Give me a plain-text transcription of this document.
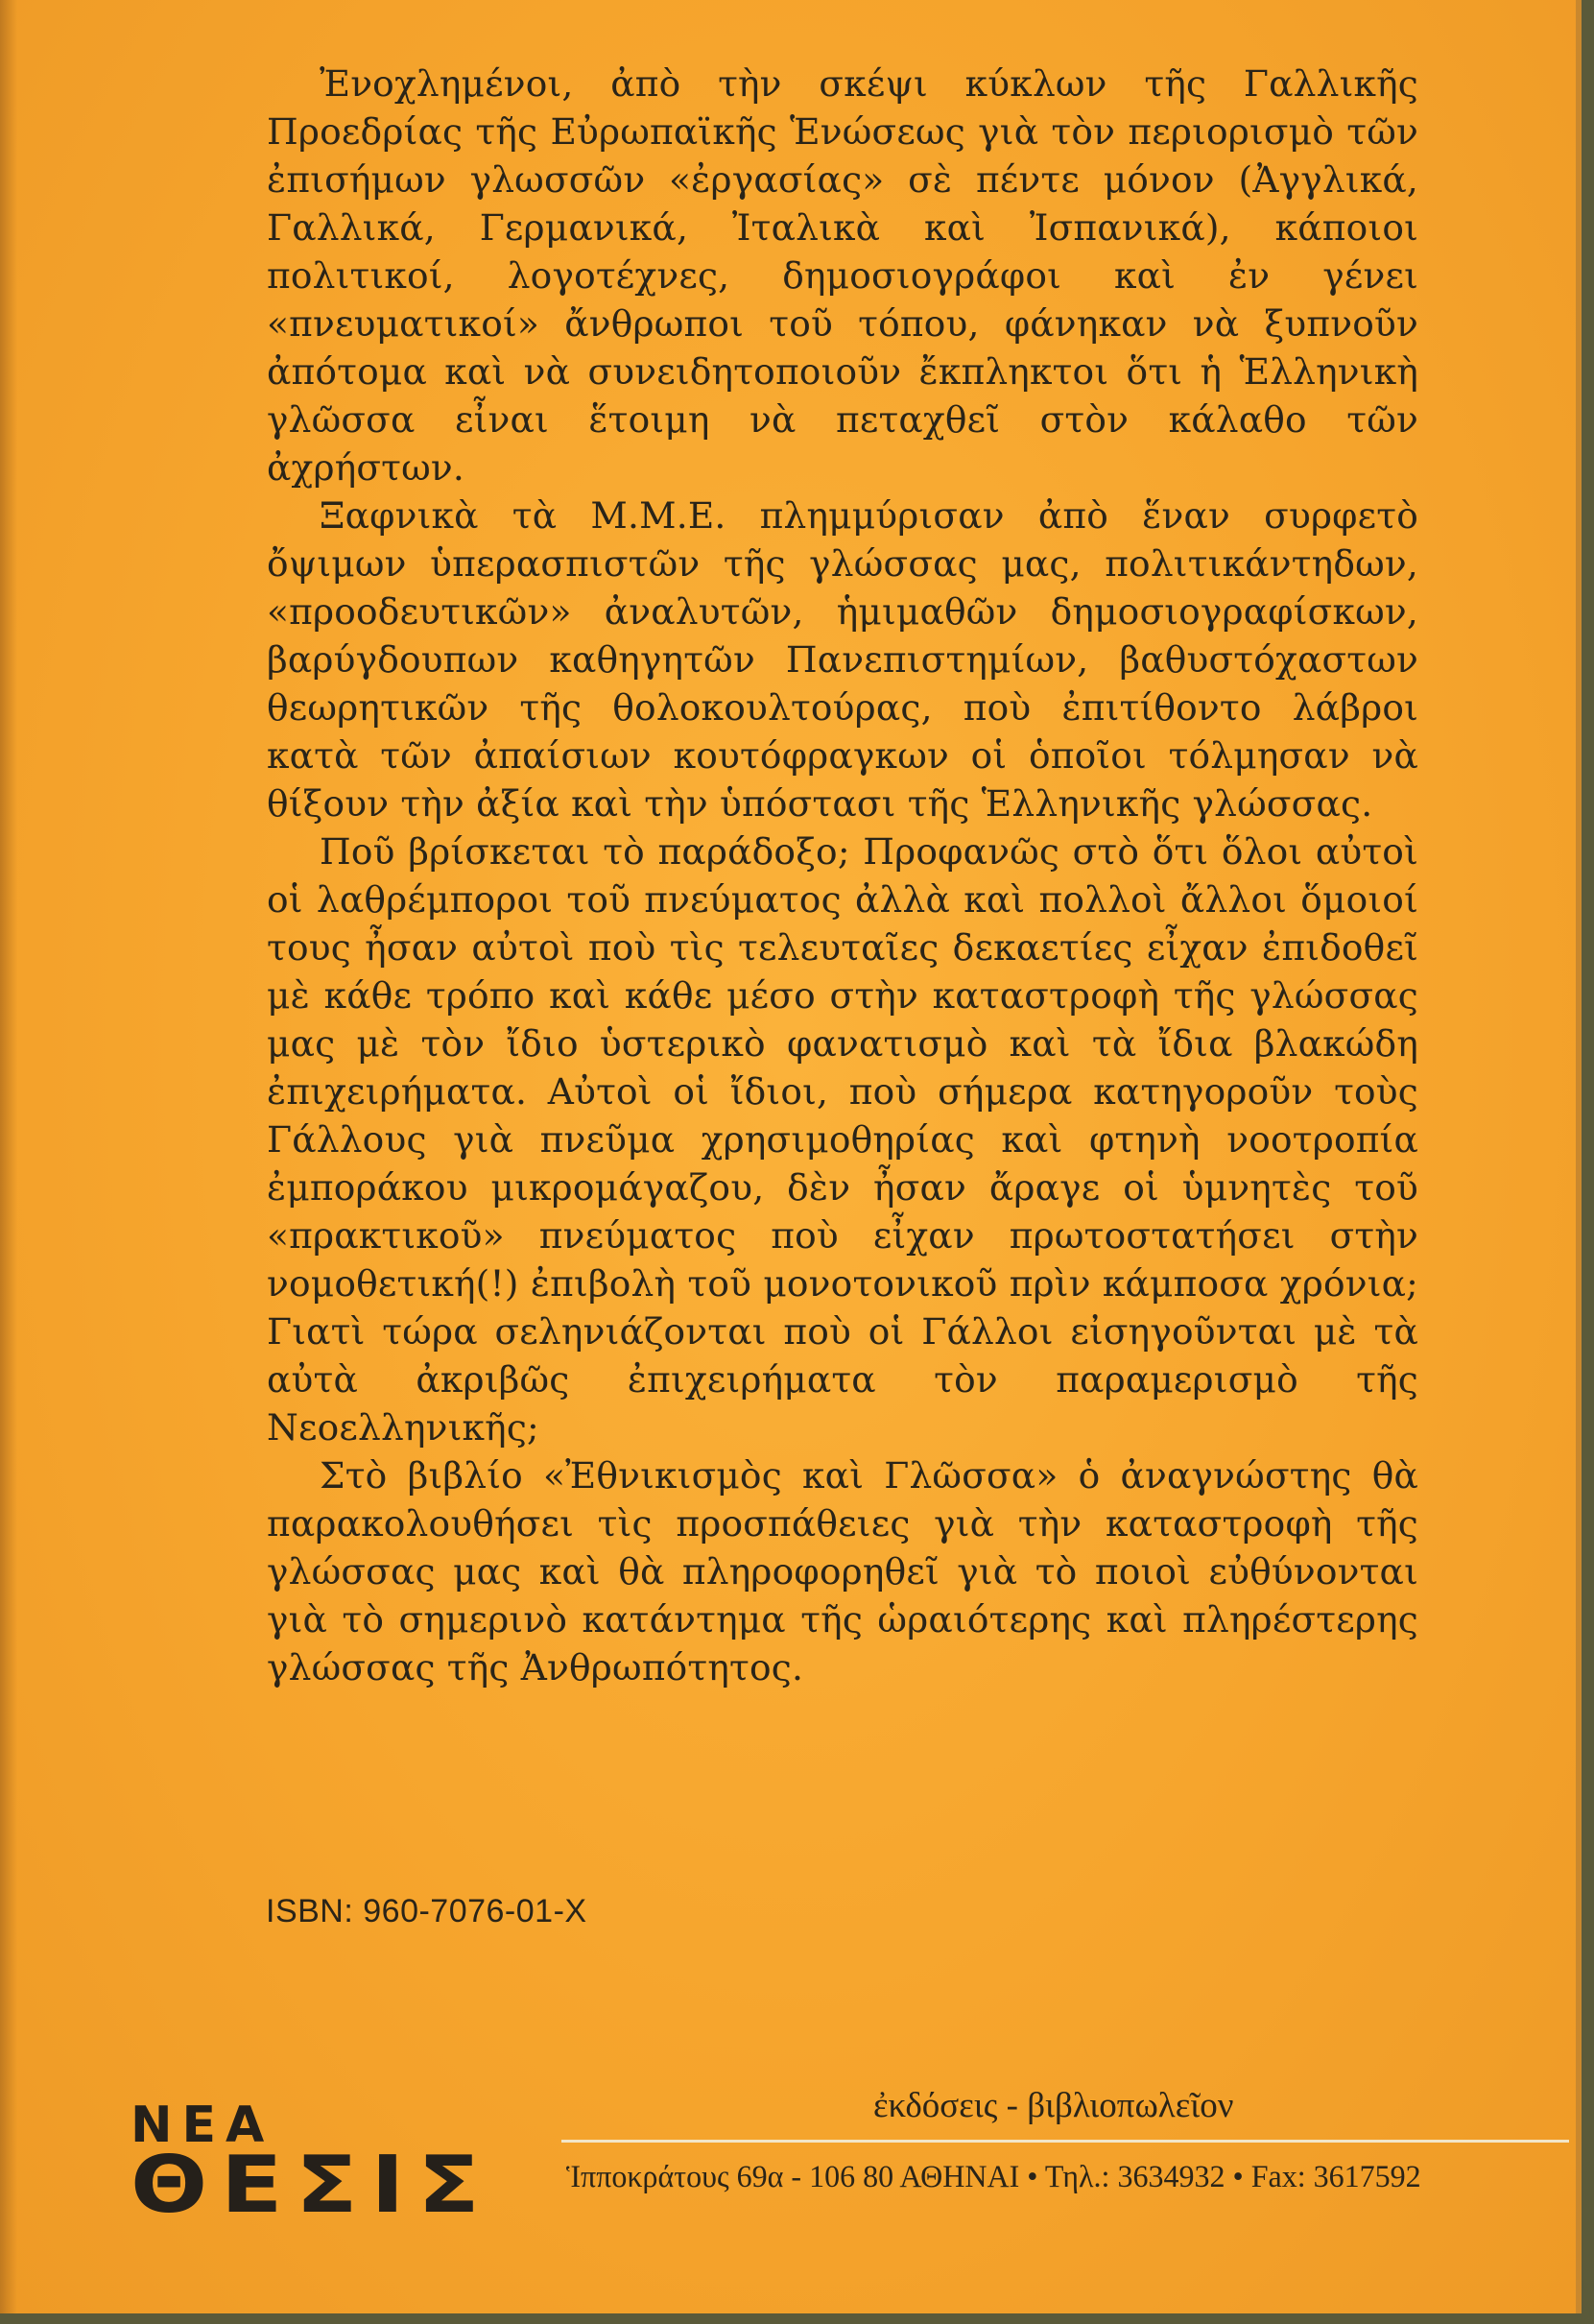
Ἐνοχλημένοι, ἀπὸ τὴν σκέψι κύκλων τῆς Γαλλικῆς Προεδρίας τῆς Εὐρωπαϊκῆς Ἑνώσεως γιὰ τὸν περιορισμὸ τῶν ἐπισήμων γλωσσῶν «ἐργασίας» σὲ πέντε μόνον (Ἀγγλικά, Γαλλικά, Γερμανικά, Ἰταλικὰ καὶ Ἰσπανικά), κάποιοι πολιτικοί, λογοτέχνες, δημοσιογράφοι καὶ ἐν γένει «πνευματικοί» ἄνθρωποι τοῦ τόπου, φάνηκαν νὰ ξυπνοῦν ἀπότομα καὶ νὰ συνειδητοποιοῦν ἔκπληκτοι ὅτι ἡ Ἑλληνικὴ γλῶσσα εἶναι ἕτοιμη νὰ πεταχθεῖ στὸν κάλαθο τῶν ἀχρήστων.

Ξαφνικὰ τὰ Μ.Μ.Ε. πλημμύρισαν ἀπὸ ἕναν συρφετὸ ὄψιμων ὑπερασπιστῶν τῆς γλώσσας μας, πολιτικάντηδων, «προοδευτικῶν» ἀναλυτῶν, ἡμιμαθῶν δημοσιογραφίσκων, βαρύγδουπων καθηγητῶν Πανεπιστημίων, βαθυστόχαστων θεωρητικῶν τῆς θολοκουλτούρας, ποὺ ἐπιτίθοντο λάβροι κατὰ τῶν ἀπαίσιων κουτόφραγκων οἱ ὁποῖοι τόλμησαν νὰ θίξουν τὴν ἀξία καὶ τὴν ὑπόστασι τῆς Ἑλληνικῆς γλώσσας.

Ποῦ βρίσκεται τὸ παράδοξο; Προφανῶς στὸ ὅτι ὅλοι αὐτοὶ οἱ λαθρέμποροι τοῦ πνεύματος ἀλλὰ καὶ πολλοὶ ἄλλοι ὅμοιοί τους ἦσαν αὐτοὶ ποὺ τὶς τελευταῖες δεκαετίες εἶχαν ἐπιδοθεῖ μὲ κάθε τρόπο καὶ κάθε μέσο στὴν καταστροφὴ τῆς γλώσσας μας μὲ τὸν ἴδιο ὑστερικὸ φανατισμὸ καὶ τὰ ἴδια βλακώδη ἐπιχειρήματα. Αὐτοὶ οἱ ἴδιοι, ποὺ σήμερα κατηγοροῦν τοὺς Γάλλους γιὰ πνεῦμα χρησιμοθηρίας καὶ φτηνὴ νοοτροπία ἐμποράκου μικρομάγαζου, δὲν ἦσαν ἄραγε οἱ ὑμνητὲς τοῦ «πρακτικοῦ» πνεύματος ποὺ εἶχαν πρωτοστατήσει στὴν νομοθετική(!) ἐπιβολὴ τοῦ μονοτονικοῦ πρὶν κάμποσα χρόνια; Γιατὶ τώρα σεληνιάζονται ποὺ οἱ Γάλλοι εἰσηγοῦνται μὲ τὰ αὐτὰ ἀκριβῶς ἐπιχειρήματα τὸν παραμερισμὸ τῆς Νεοελληνικῆς;

Στὸ βιβλίο «Ἐθνικισμὸς καὶ Γλῶσσα» ὁ ἀναγνώστης θὰ παρακολουθήσει τὶς προσπάθειες γιὰ τὴν καταστροφὴ τῆς γλώσσας μας καὶ θὰ πληροφορηθεῖ γιὰ τὸ ποιοὶ εὐθύνονται γιὰ τὸ σημερινὸ κατάντημα τῆς ὡραιότερης καὶ πληρέστερης γλώσσας τῆς Ἀνθρωπότητος.

ISBN: 960-7076-01-X
ΝΕΑ
ΘΕΣΙΣ
ἐκδόσεις - βιβλιοπωλεῖον
Ἱπποκράτους 69α - 106 80 ΑΘΗΝΑΙ • Τηλ.: 3634932 • Fax: 3617592
